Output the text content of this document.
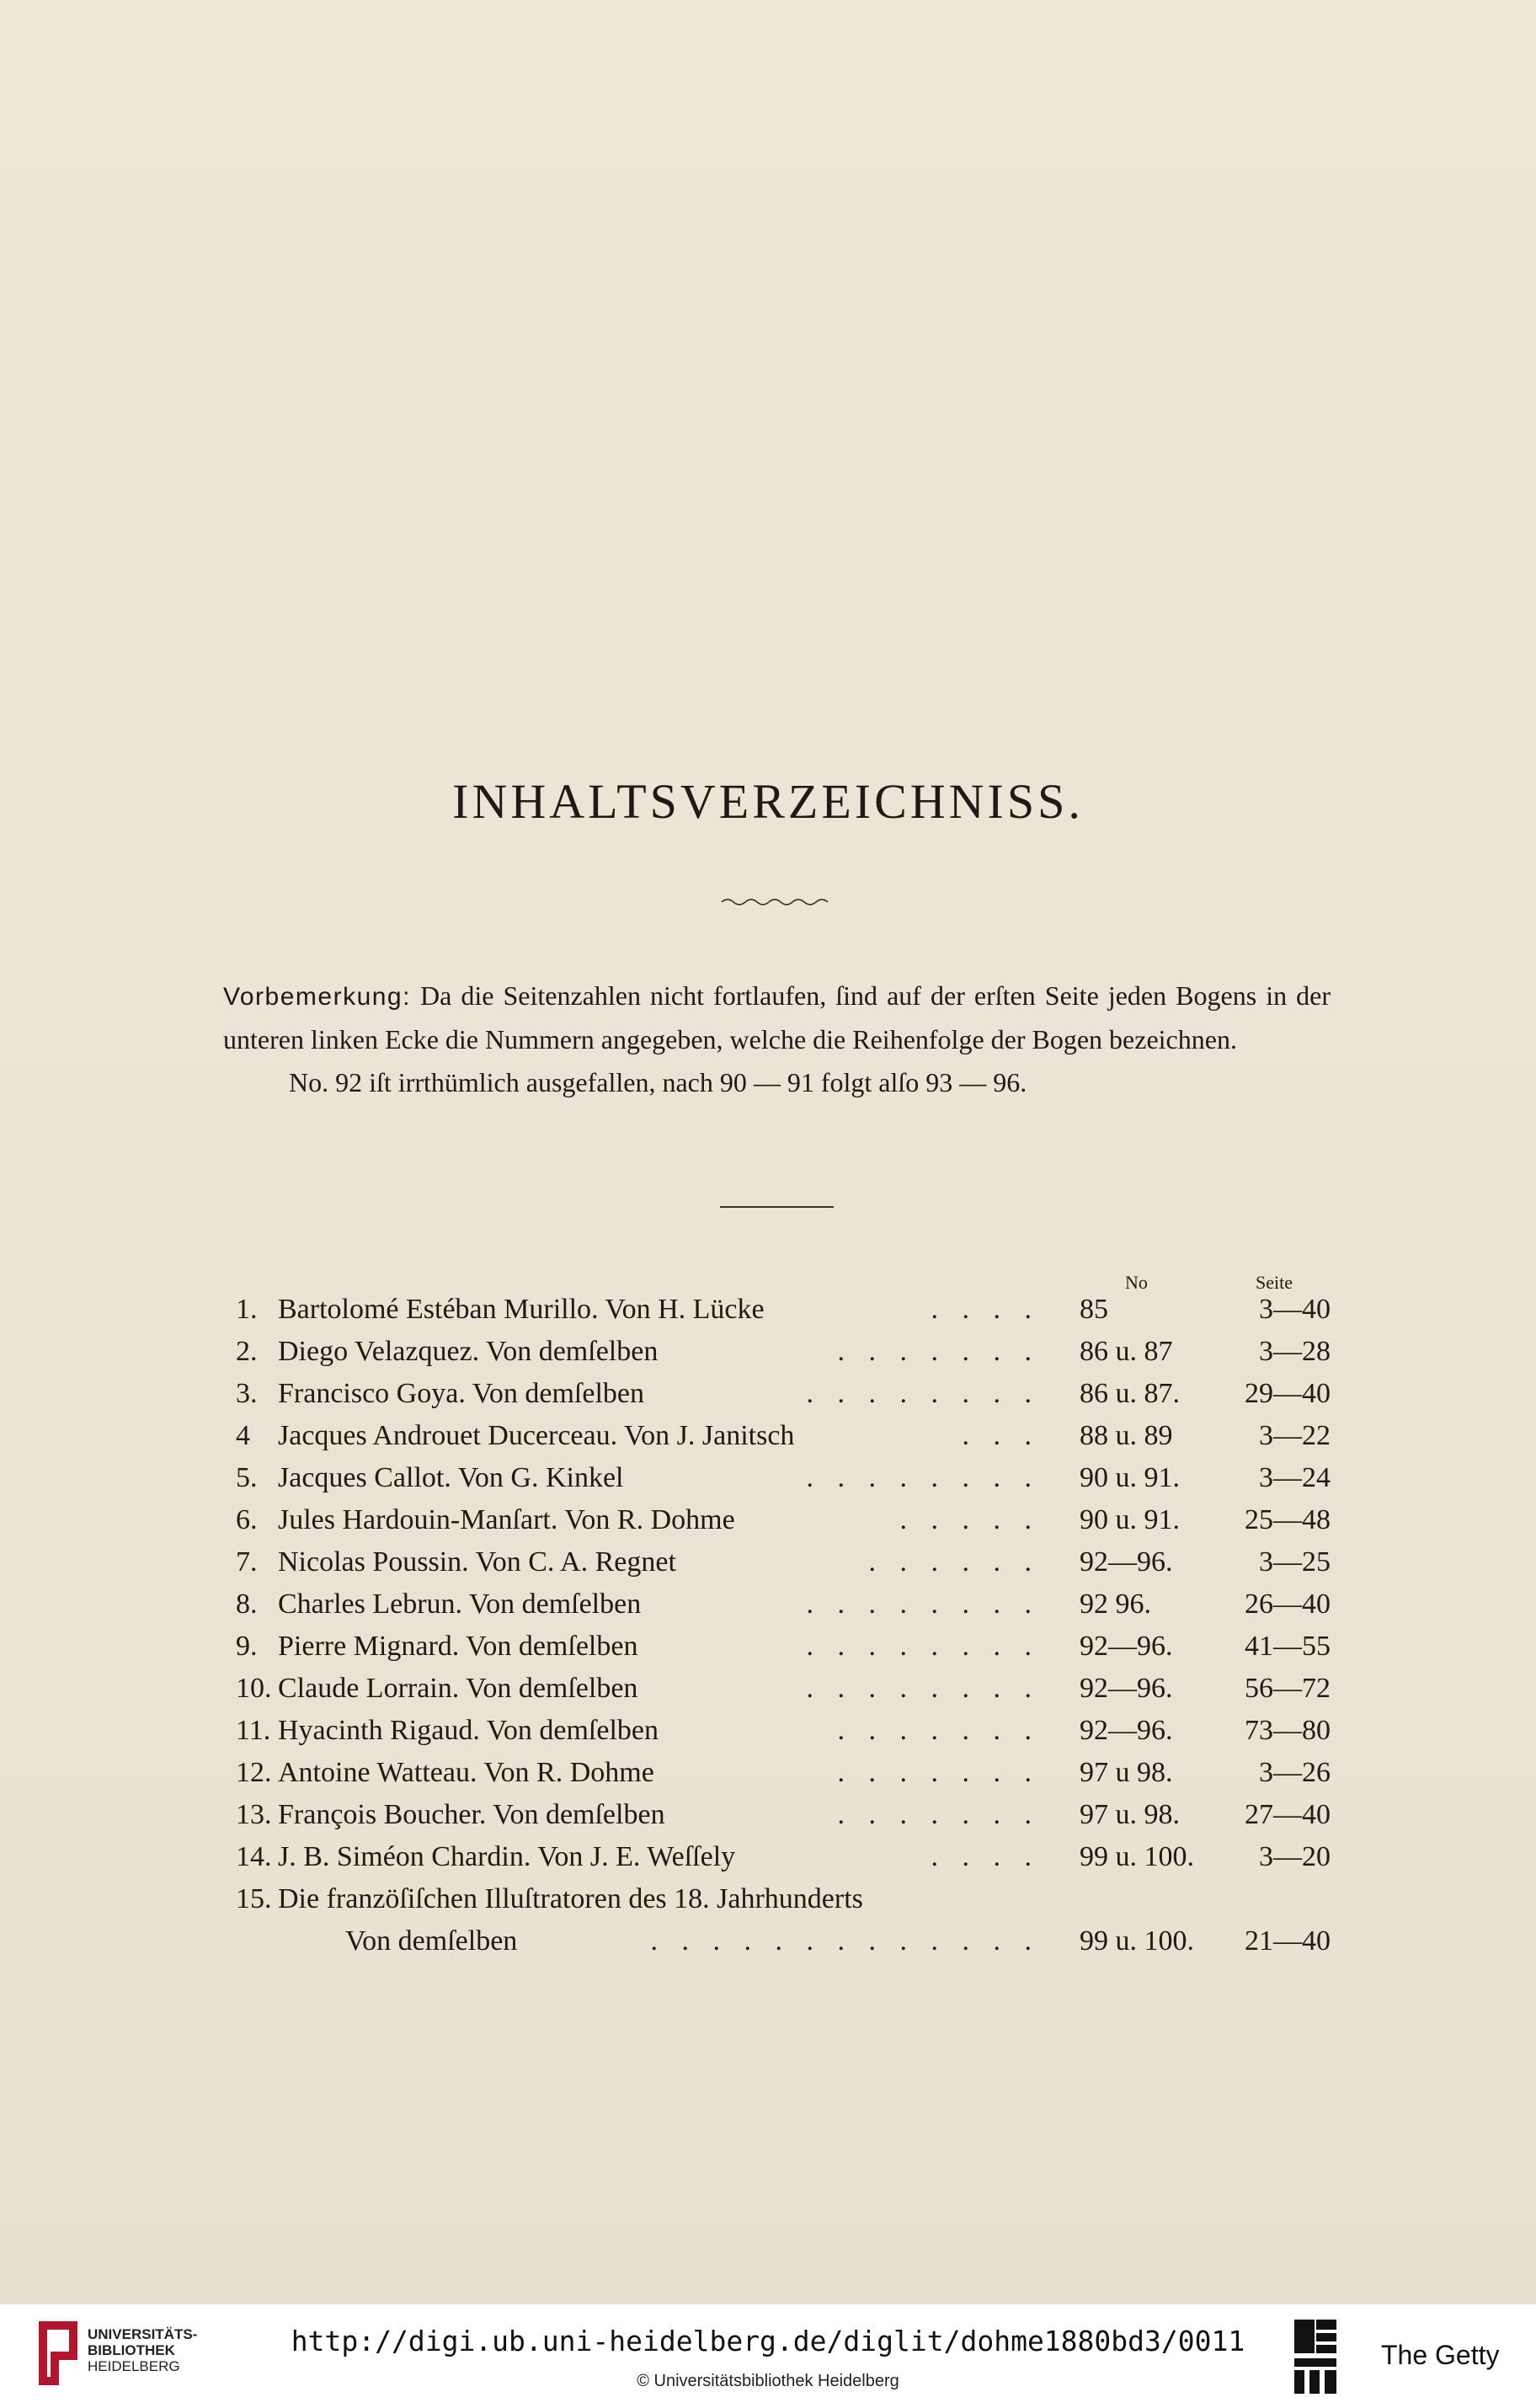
INHALTSVERZEICHNISS.

Vorbemerkung: Da die Seitenzahlen nicht fortlaufen, ſind auf der erſten Seite jeden Bogens in der unteren linken Ecke die Nummern angegeben, welche die Reihenfolge der Bogen bezeichnen.

No. 92 iſt irrthümlich ausgefallen, nach 90 — 91 folgt alſo 93 — 96.

No	Seite
1. Bartolomé Estéban Murillo. Von H. Lücke	. . . . 85	3—40
2. Diego Velazquez. Von demſelben	. . . . . . . 86 u. 87	3—28
3. Francisco Goya. Von demſelben	. . . . . . . . 86 u. 87.	29—40
4 Jacques Androuet Ducerceau. Von J. Janitsch	. . . 88 u. 89	3—22
5. Jacques Callot. Von G. Kinkel	. . . . . . . . 90 u. 91.	3—24
6. Jules Hardouin-Manſart. Von R. Dohme	. . . . . 90 u. 91.	25—48
7. Nicolas Poussin. Von C. A. Regnet	. . . . . . 92—96.	3—25
8. Charles Lebrun. Von demſelben	. . . . . . . . 92 96.	26—40
9. Pierre Mignard. Von demſelben	. . . . . . . . 92—96.	41—55
10. Claude Lorrain. Von demſelben	. . . . . . . . 92—96.	56—72
11. Hyacinth Rigaud. Von demſelben	. . . . . . . 92—96.	73—80
12. Antoine Watteau. Von R. Dohme	. . . . . . . 97 u 98.	3—26
13. François Boucher. Von demſelben	. . . . . . . 97 u. 98.	27—40
14. J. B. Siméon Chardin. Von J. E. Weſſely	. . . . 99 u. 100.	3—20
15. Die franzöſiſchen Illuſtratoren des 18. Jahrhunderts
Von demſelben	. . . . . . . . . . . . . 99 u. 100.	21—40
UNIVERSITÄTS-
BIBLIOTHEK
HEIDELBERG
http://digi.ub.uni-heidelberg.de/diglit/dohme1880bd3/0011
© Universitätsbibliothek Heidelberg
The Getty
